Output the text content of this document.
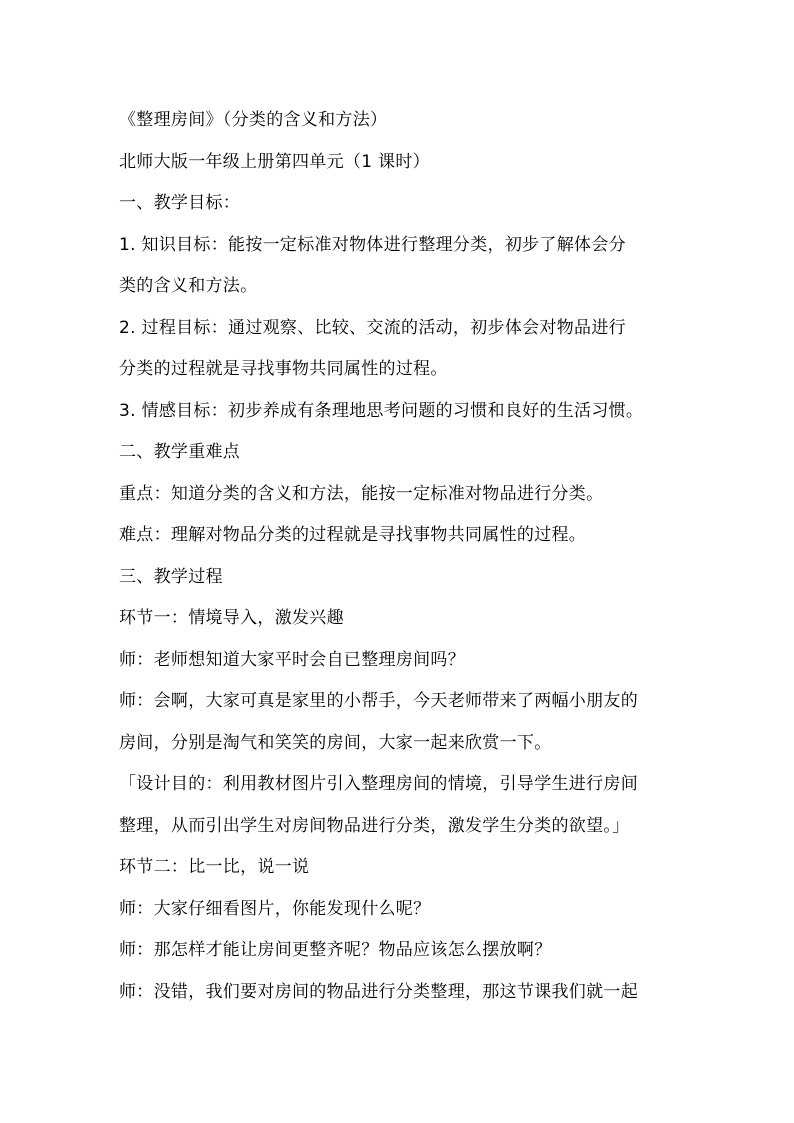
《整理房间》（分类的含义和方法）
北师大版一年级上册第四单元（1 课时）
一、教学目标：
1. 知识目标：能按一定标准对物体进行整理分类，初步了解体会分
类的含义和方法。
2. 过程目标：通过观察、比较、交流的活动，初步体会对物品进行
分类的过程就是寻找事物共同属性的过程。
3. 情感目标：初步养成有条理地思考问题的习惯和良好的生活习惯。
二、教学重难点
重点：知道分类的含义和方法，能按一定标准对物品进行分类。
难点：理解对物品分类的过程就是寻找事物共同属性的过程。
三、教学过程
环节一：情境导入，激发兴趣
师：老师想知道大家平时会自已整理房间吗？
师：会啊，大家可真是家里的小帮手，今天老师带来了两幅小朋友的
房间，分别是淘气和笑笑的房间，大家一起来欣赏一下。
「设计目的：利用教材图片引入整理房间的情境，引导学生进行房间
整理，从而引出学生对房间物品进行分类，激发学生分类的欲望。」
环节二：比一比，说一说
师：大家仔细看图片，你能发现什么呢？
师：那怎样才能让房间更整齐呢？物品应该怎么摆放啊？
师：没错，我们要对房间的物品进行分类整理，那这节课我们就一起
